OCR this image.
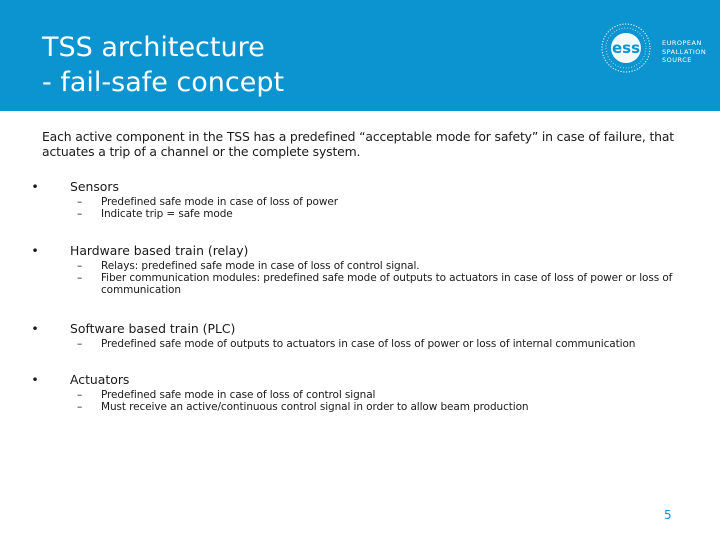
TSS architecture
- fail-safe concept
ess	EUROPEAN
SPALLATION
SOURCE
Each active component in the TSS has a predefined “acceptable mode for safety” in case of failure, that actuates a trip of a channel or the complete system.
•
Sensors
–
Predefined safe mode in case of loss of power
–
Indicate trip = safe mode
•
Hardware based train (relay)
–
Relays: predefined safe mode in case of loss of control signal.
–
Fiber communication modules: predefined safe mode of outputs to actuators in case of loss of power or loss of communication
•
Software based train (PLC)
–
Predefined safe mode of outputs to actuators in case of loss of power or loss of internal communication
•
Actuators
–
Predefined safe mode in case of loss of control signal
–
Must receive an active/continuous control signal in order to allow beam production
5
